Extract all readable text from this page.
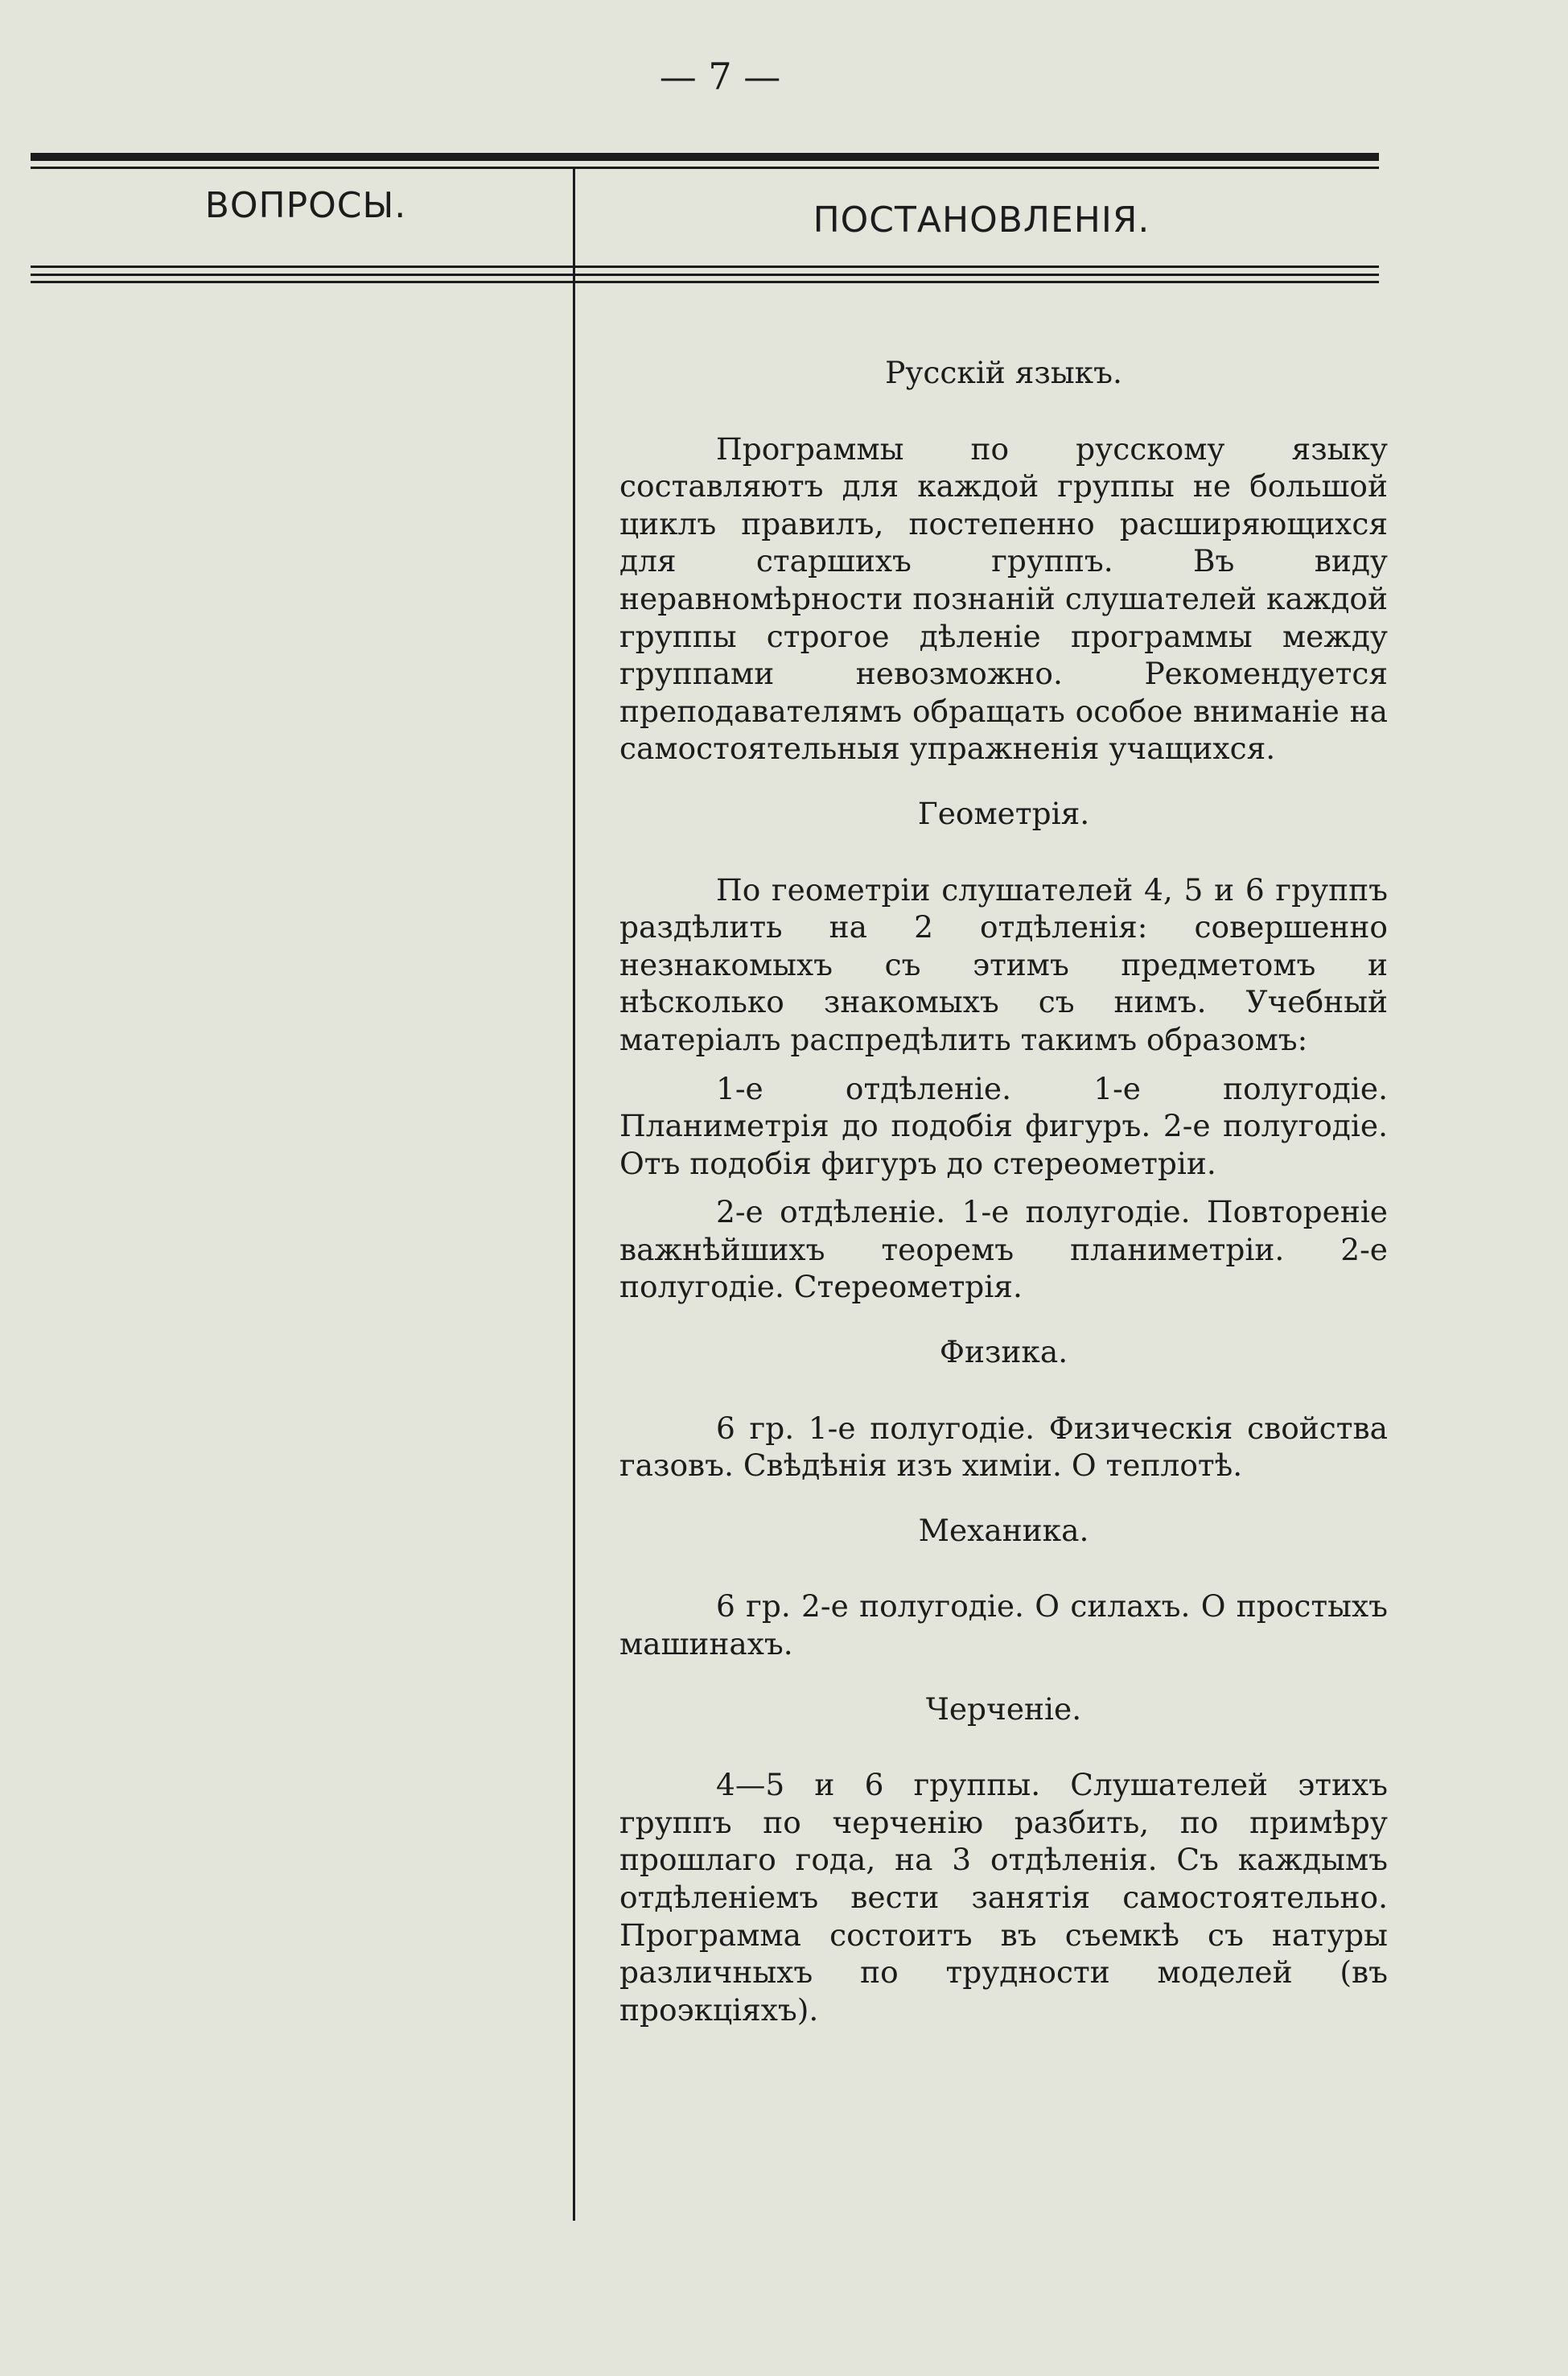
— 7 —
ВОПРОСЫ.	ПОСТАНОВЛЕНІЯ.
Русскій языкъ.

Программы по русскому языку составляютъ для каждой группы не большой циклъ правилъ, постепенно расширяющихся для старшихъ группъ. Въ виду неравномѣрности познаній слушателей каждой группы строгое дѣленіе программы между группами невозможно. Рекомендуется преподавателямъ обращать особое вниманіе на самостоятельныя упражненія учащихся.

Геометрія.

По геометріи слушателей 4, 5 и 6 группъ раздѣлить на 2 отдѣленія: совершенно незнакомыхъ съ этимъ предметомъ и нѣсколько знакомыхъ съ нимъ. Учебный матеріалъ распредѣлить такимъ образомъ:

1-е отдѣленіе. 1-е полугодіе. Планиметрія до подобія фигуръ. 2-е полугодіе. Отъ подобія фигуръ до стереометріи.

2-е отдѣленіе. 1-е полугодіе. Повтореніе важнѣйшихъ теоремъ планиметріи. 2-е полугодіе. Стереометрія.

Физика.

6 гр. 1-е полугодіе. Физическія свойства газовъ. Свѣдѣнія изъ химіи. О теплотѣ.

Механика.

6 гр. 2-е полугодіе. О силахъ. О простыхъ машинахъ.

Черченіе.

4—5 и 6 группы. Слушателей этихъ группъ по черченію разбить, по примѣру прошлаго года, на 3 отдѣленія. Съ каждымъ отдѣленіемъ вести занятія самостоятельно. Программа состоитъ въ съемкѣ съ натуры различныхъ по трудности моделей (въ проэкціяхъ).
